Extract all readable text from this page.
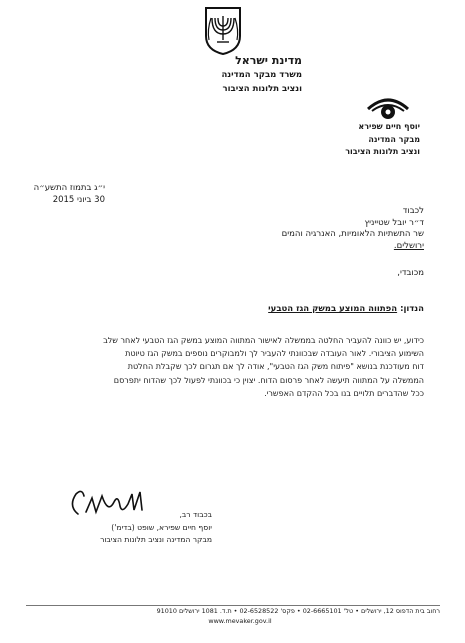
מדינת ישראל
משרד מבקר המדינה
ונציב תלונות הציבור
יוסף חיים שפירא
מבקר המדינה
ונציב תלונות הציבור
י״ג בתמוז התשע״ה
30 ביוני 2015
לכבוד
ד״ר יובל שטייניץ
שר התשתיות הלאומיות, האנרגיה והמים
ירושלים.
מכובדי,
הנדון: הפתווה המוצע במשק הגז הטבעי

כידוע, יש כוונה להעביר החלטה בממשלה לאישור המתווה המוצע במשק הגז הטבעי לאחר שלב

השימוע הציבורי. לאור העובדה שבכוונתי להעביר לך ולמבוקרים נוספים במשק הגז טיוטת

דוח מעודכנת בנושא "פיתוח משק הגז הטבעי", אודה לך אם תגרום לכך שקבלת החלטת

הממשלה על המתווה תיעשה לאחר פרסום הדוח. יצוין כי בכוונתי לפעול לכך שהדוח יתפרסם

ככל שהדברים תלויים בנו בכל ההקדם האפשרי.

בכבוד רב,
יוסף חיים שפירא, שופט (בדימ')
מבקר המדינה ונציב תלונות הציבור
רחוב בית הדפוס 12, ירושלים • טל' 02-6665101 • פקס' 02-6528522 • ת.ד. 1081 ירושלים 91010
www.mevaker.gov.il
